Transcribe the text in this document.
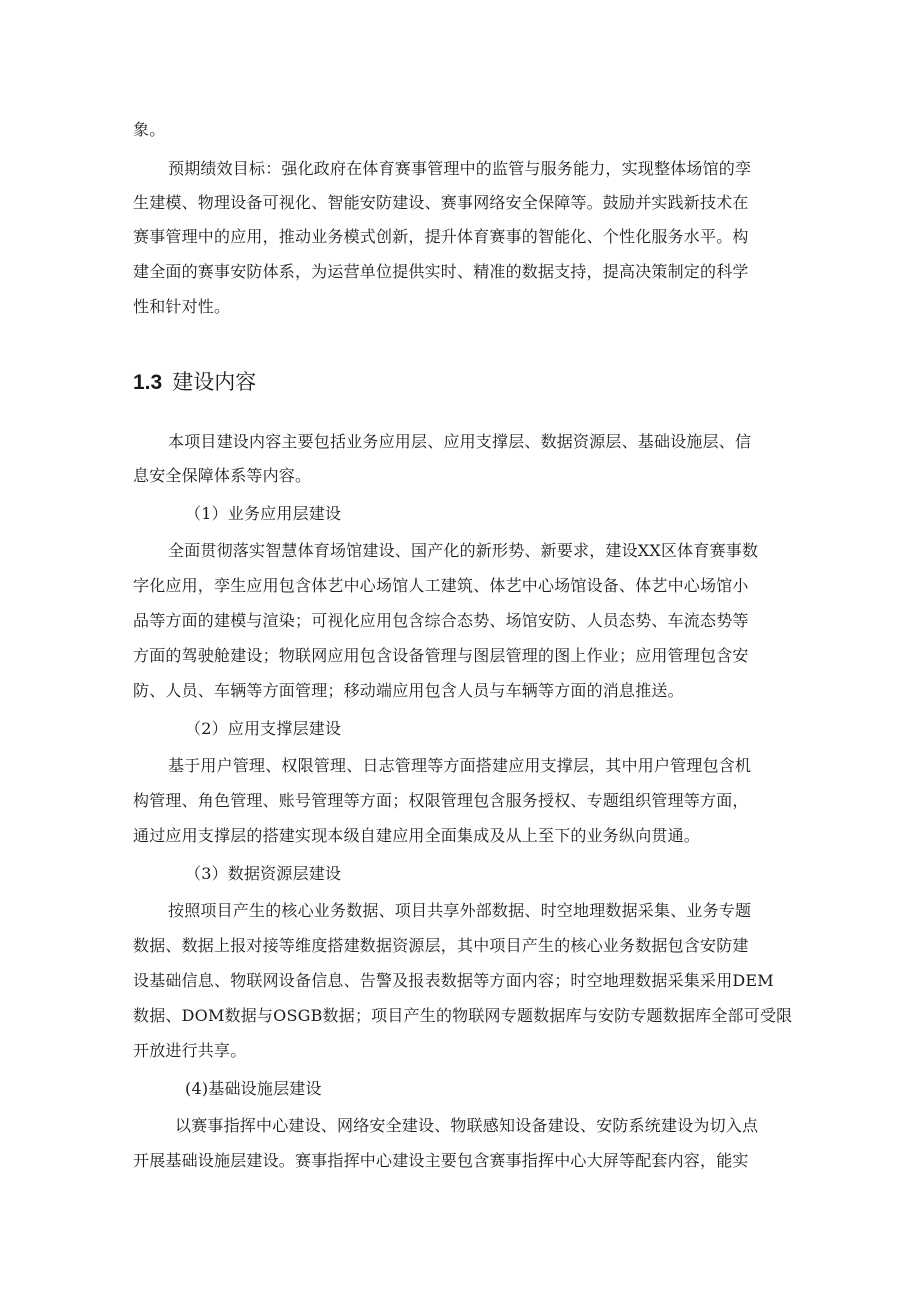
象。
预期绩效目标：强化政府在体育赛事管理中的监管与服务能力，实现整体场馆的孪
生建模、物理设备可视化、智能安防建设、赛事网络安全保障等。鼓励并实践新技术在
赛事管理中的应用，推动业务模式创新，提升体育赛事的智能化、个性化服务水平。构
建全面的赛事安防体系，为运营单位提供实时、精准的数据支持，提高决策制定的科学
性和针对性。
1.3 建设内容
本项目建设内容主要包括业务应用层、应用支撑层、数据资源层、基础设施层、信
息安全保障体系等内容。
（1）业务应用层建设
全面贯彻落实智慧体育场馆建设、国产化的新形势、新要求，建设XX区体育赛事数
字化应用，孪生应用包含体艺中心场馆人工建筑、体艺中心场馆设备、体艺中心场馆小
品等方面的建模与渲染；可视化应用包含综合态势、场馆安防、人员态势、车流态势等
方面的驾驶舱建设；物联网应用包含设备管理与图层管理的图上作业；应用管理包含安
防、人员、车辆等方面管理；移动端应用包含人员与车辆等方面的消息推送。
（2）应用支撑层建设
基于用户管理、权限管理、日志管理等方面搭建应用支撑层，其中用户管理包含机
构管理、角色管理、账号管理等方面；权限管理包含服务授权、专题组织管理等方面，
通过应用支撑层的搭建实现本级自建应用全面集成及从上至下的业务纵向贯通。
（3）数据资源层建设
按照项目产生的核心业务数据、项目共享外部数据、时空地理数据采集、业务专题
数据、数据上报对接等维度搭建数据资源层，其中项目产生的核心业务数据包含安防建
设基础信息、物联网设备信息、告警及报表数据等方面内容；时空地理数据采集采用DEM
数据、DOM数据与OSGB数据；项目产生的物联网专题数据库与安防专题数据库全部可受限
开放进行共享。
(4)基础设施层建设
以赛事指挥中心建设、网络安全建设、物联感知设备建设、安防系统建设为切入点
开展基础设施层建设。赛事指挥中心建设主要包含赛事指挥中心大屏等配套内容，能实
